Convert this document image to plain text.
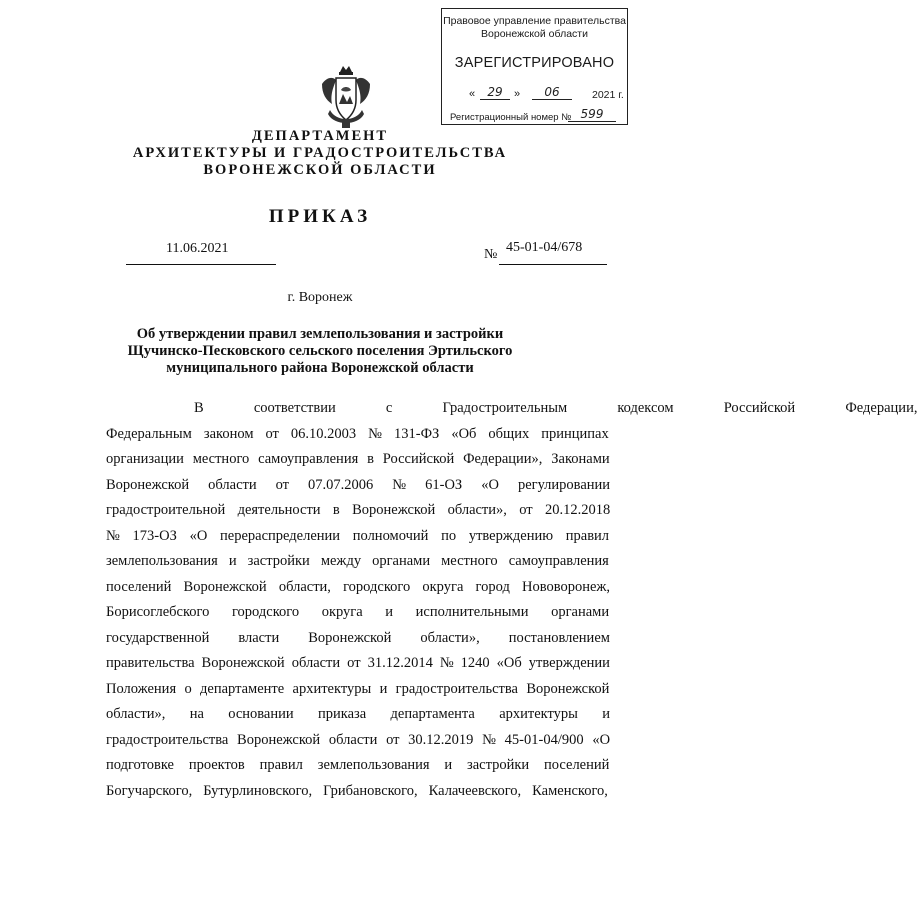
Правовое управление правительства
Воронежской области
ЗАРЕГИСТРИРОВАНО
«	29	»	06	2021 г.
Регистрационный номер № 599
ДЕПАРТАМЕНТ
АРХИТЕКТУРЫ И ГРАДОСТРОИТЕЛЬСТВА
ВОРОНЕЖСКОЙ ОБЛАСТИ
ПРИКАЗ
11.06.2021	№ 45-01-04/678
г. Воронеж
Об утверждении правил землепользования и застройки
Щучинско-Песковского сельского поселения Эртильского
муниципального района Воронежской области
В	соответствии	с	Градостроительным	кодексом	Российской	Федерации,
Федеральным законом от 06.10.2003 № 131-ФЗ «Об общих принципах
организации местного самоуправления в Российской Федерации», Законами
Воронежской области от 07.07.2006 № 61-ОЗ «О регулировании
градостроительной деятельности в Воронежской области», от 20.12.2018
№ 173-ОЗ «О перераспределении полномочий по утверждению правил
землепользования и застройки между органами местного самоуправления
поселений Воронежской области, городского округа город Нововоронеж,
Борисоглебского городского округа и исполнительными органами
государственной власти Воронежской области», постановлением
правительства Воронежской области от 31.12.2014 № 1240 «Об утверждении
Положения о департаменте архитектуры и градостроительства Воронежской
области», на основании приказа департамента архитектуры и
градостроительства Воронежской области от 30.12.2019 № 45-01-04/900 «О
подготовке проектов правил землепользования и застройки поселений
Богучарского, Бутурлиновского, Грибановского, Калачеевского, Каменского,
